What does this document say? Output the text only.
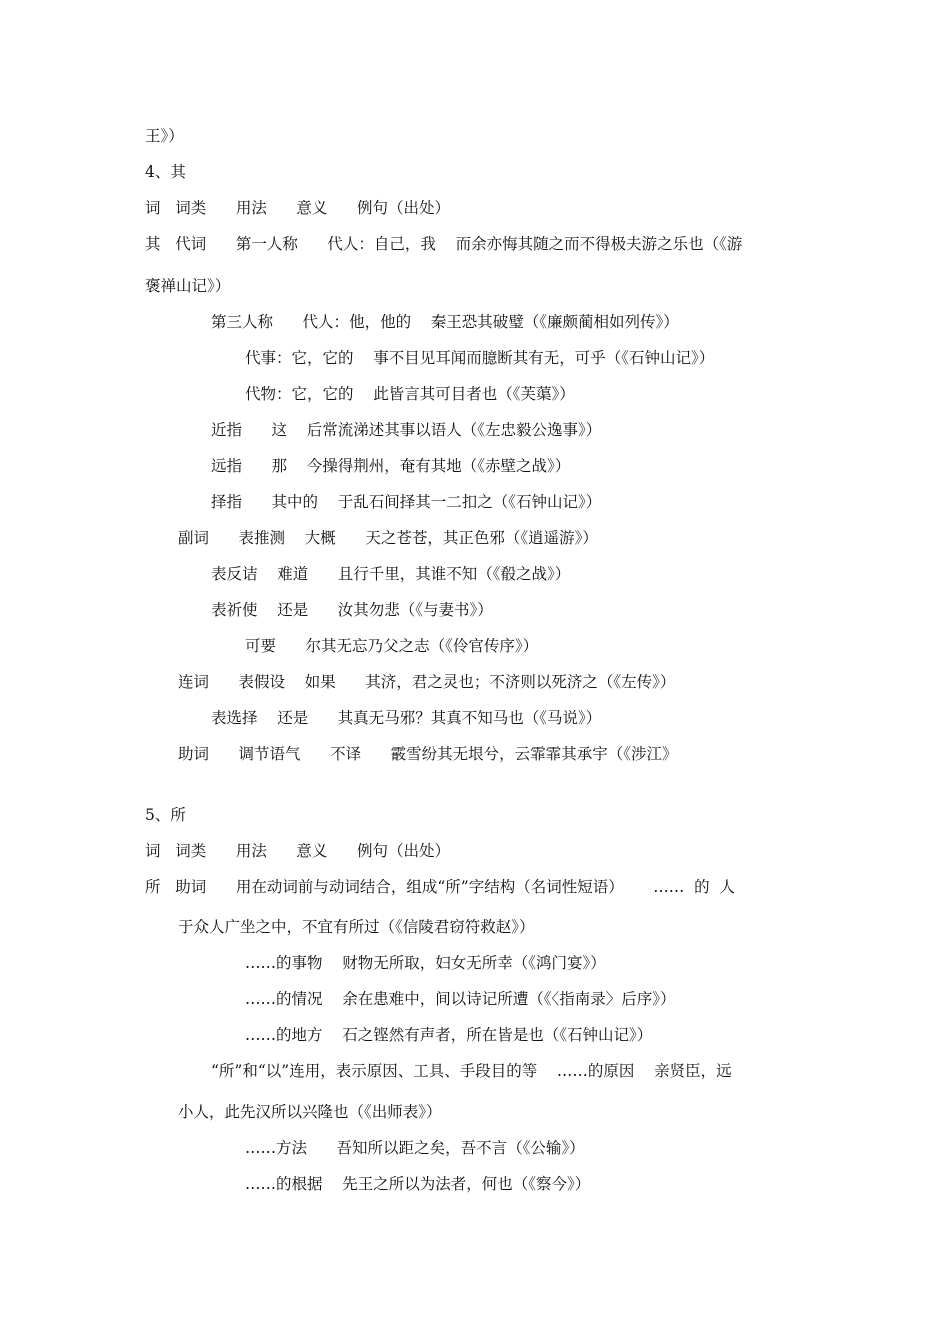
王》）
4、其
词   词类      用法      意义      例句（出处）
其   代词      第一人称      代人：自己，我    而余亦悔其随之而不得极夫游之乐也（《游
褒禅山记》）
第三人称      代人：他，他的    秦王恐其破璧（《廉颇蔺相如列传》）
代事：它，它的    事不目见耳闻而臆断其有无，可乎（《石钟山记》）
代物：它，它的    此皆言其可目者也（《芙蕖》）
近指      这    后常流涕述其事以语人（《左忠毅公逸事》）
远指      那    今操得荆州，奄有其地（《赤壁之战》）
择指      其中的    于乱石间择其一二扣之（《石钟山记》）
副词      表推测    大概      天之苍苍，其正色邪（《逍遥游》）
表反诘    难道      且行千里，其谁不知（《殽之战》）
表祈使    还是      汝其勿悲（《与妻书》）
可要      尔其无忘乃父之志（《伶官传序》）
连词      表假设    如果      其济，君之灵也；不济则以死济之（《左传》）
表选择    还是      其真无马邪？其真不知马也（《马说》）
助词      调节语气      不译      霰雪纷其无垠兮，云霏霏其承宇（《涉江》
5、所
词   词类      用法      意义      例句（出处）
所   助词      用在动词前与动词结合，组成“所”字结构（名词性短语）      ……  的  人
于众人广坐之中，不宜有所过（《信陵君窃符救赵》）
……的事物    财物无所取，妇女无所幸（《鸿门宴》）
……的情况    余在患难中，间以诗记所遭（《〈指南录〉后序》）
……的地方    石之铿然有声者，所在皆是也（《石钟山记》）
“所”和“以”连用，表示原因、工具、手段目的等    ……的原因    亲贤臣，远
小人，此先汉所以兴隆也（《出师表》）
……方法      吾知所以距之矣，吾不言（《公输》）
……的根据    先王之所以为法者，何也（《察今》）
